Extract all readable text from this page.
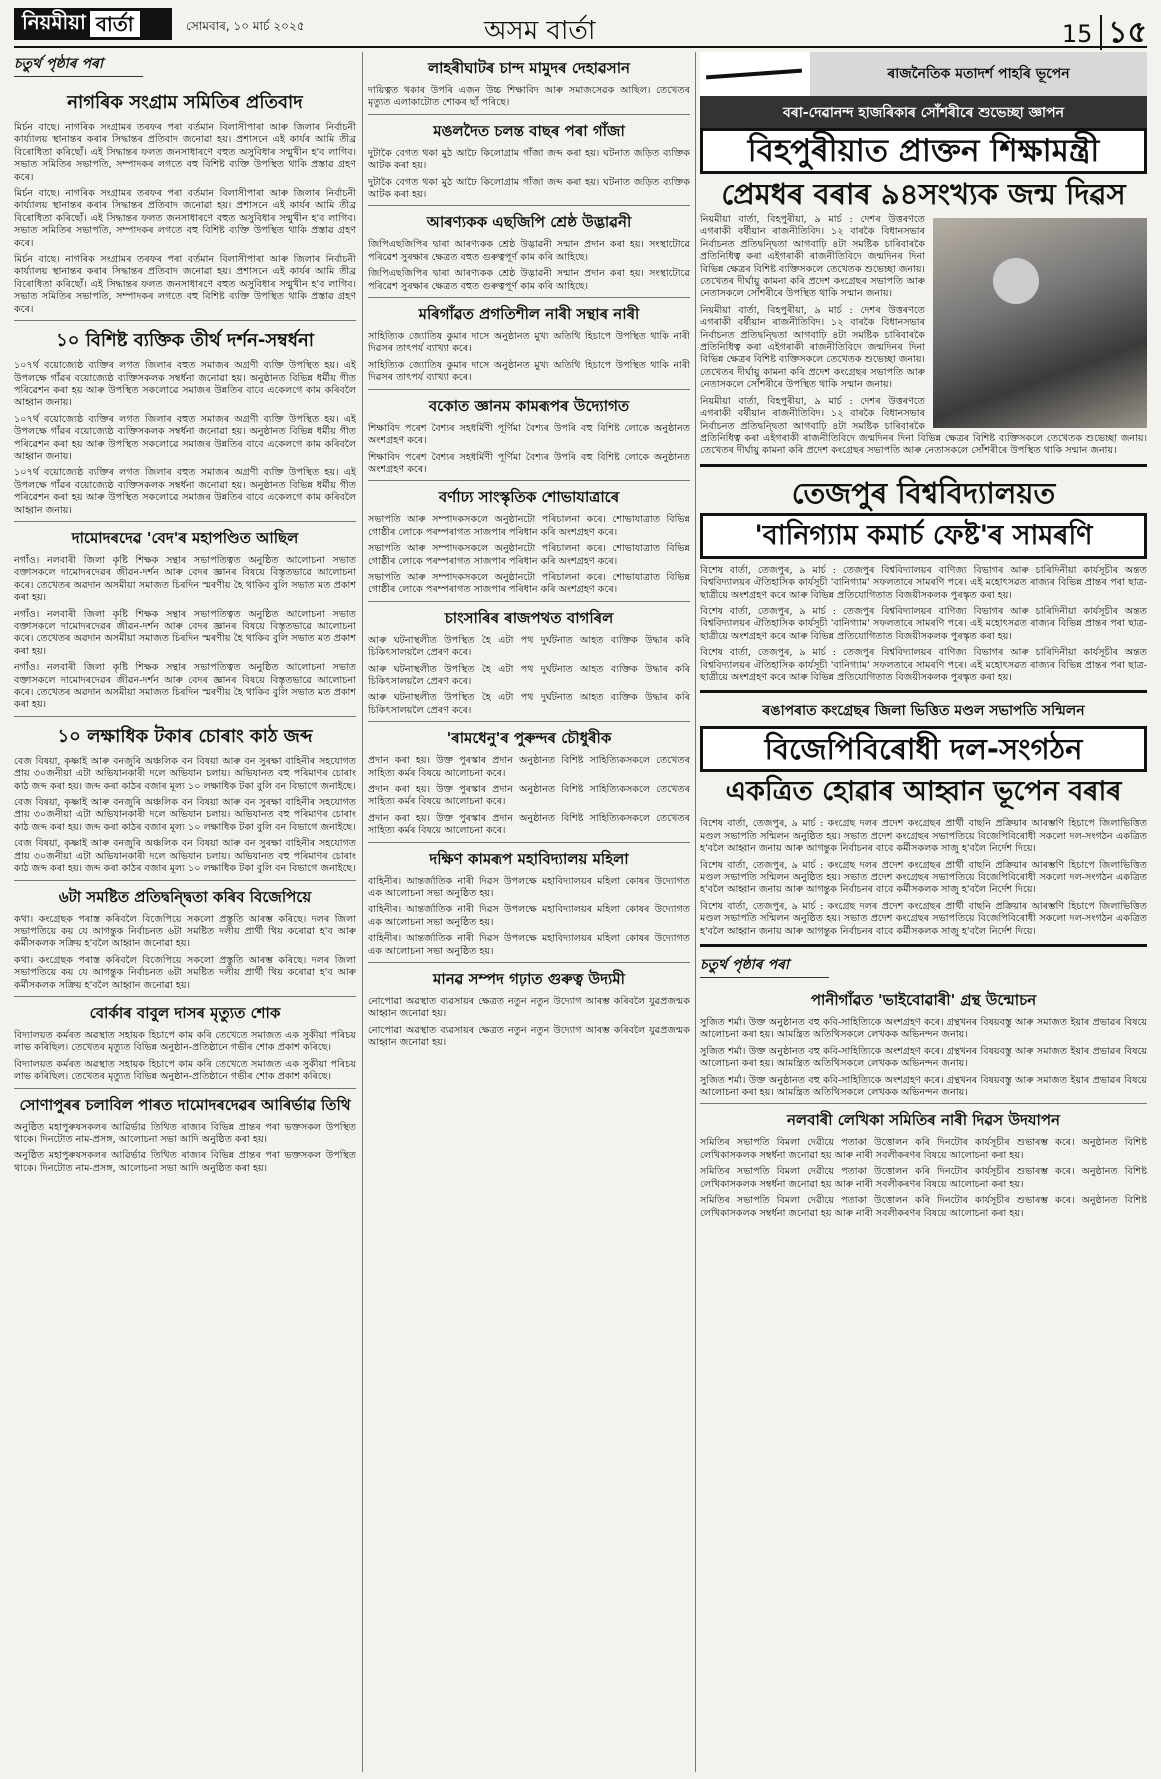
নিয়মীয়া বাৰ্তা	সোমবাৰ, ১০ মাৰ্চ ২০২৫	অসম বাৰ্তা	15 ১৫
চতুৰ্থ পৃষ্ঠাৰ পৰা
নাগৰিক সংগ্ৰাম সমিতিৰ প্ৰতিবাদ

মিৰ্চন বাছে। নাগৰিক সংগ্ৰামৰ তৰফৰ পৰা বৰ্তমান বিলাসীপাৰা আৰু জিলাৰ নিৰ্বাচনী কাৰ্য্যালয় স্থানান্তৰ কৰাৰ সিদ্ধান্তৰ প্ৰতিবাদ জনোৱা হয়। প্ৰশাসনে এই কাৰ্যৰ আমি তীব্ৰ বিৰোধিতা কৰিছোঁ। এই সিদ্ধান্তৰ ফলত জনসাধাৰণে বহুত অসুবিধাৰ সন্মুখীন হ'ব লাগিব। সভাত সমিতিৰ সভাপতি, সম্পাদকৰ লগতে বহু বিশিষ্ট ব্যক্তি উপস্থিত থাকি প্ৰস্তাৱ গ্ৰহণ কৰে।

মিৰ্চন বাছে। নাগৰিক সংগ্ৰামৰ তৰফৰ পৰা বৰ্তমান বিলাসীপাৰা আৰু জিলাৰ নিৰ্বাচনী কাৰ্য্যালয় স্থানান্তৰ কৰাৰ সিদ্ধান্তৰ প্ৰতিবাদ জনোৱা হয়। প্ৰশাসনে এই কাৰ্যৰ আমি তীব্ৰ বিৰোধিতা কৰিছোঁ। এই সিদ্ধান্তৰ ফলত জনসাধাৰণে বহুত অসুবিধাৰ সন্মুখীন হ'ব লাগিব। সভাত সমিতিৰ সভাপতি, সম্পাদকৰ লগতে বহু বিশিষ্ট ব্যক্তি উপস্থিত থাকি প্ৰস্তাৱ গ্ৰহণ কৰে।

মিৰ্চন বাছে। নাগৰিক সংগ্ৰামৰ তৰফৰ পৰা বৰ্তমান বিলাসীপাৰা আৰু জিলাৰ নিৰ্বাচনী কাৰ্য্যালয় স্থানান্তৰ কৰাৰ সিদ্ধান্তৰ প্ৰতিবাদ জনোৱা হয়। প্ৰশাসনে এই কাৰ্যৰ আমি তীব্ৰ বিৰোধিতা কৰিছোঁ। এই সিদ্ধান্তৰ ফলত জনসাধাৰণে বহুত অসুবিধাৰ সন্মুখীন হ'ব লাগিব। সভাত সমিতিৰ সভাপতি, সম্পাদকৰ লগতে বহু বিশিষ্ট ব্যক্তি উপস্থিত থাকি প্ৰস্তাৱ গ্ৰহণ কৰে।

১০ বিশিষ্ট ব্যক্তিক তীৰ্থ দৰ্শন-সম্বৰ্ধনা

১০৭ৰ্থ বয়োজ্যেষ্ঠ ব্যক্তিৰ লগত জিলাৰ বহুত সমাজৰ অগ্ৰণী ব্যক্তি উপস্থিত হয়। এই উপলক্ষে গাঁৱৰ বয়োজ্যেষ্ঠ ব্যক্তিসকলক সম্বৰ্ধনা জনোৱা হয়। অনুষ্ঠানত বিভিন্ন ধৰ্মীয় গীত পৰিৱেশন কৰা হয় আৰু উপস্থিত সকলোৱে সমাজৰ উন্নতিৰ বাবে একেলগে কাম কৰিবলৈ আহ্বান জনায়।

১০৭ৰ্থ বয়োজ্যেষ্ঠ ব্যক্তিৰ লগত জিলাৰ বহুত সমাজৰ অগ্ৰণী ব্যক্তি উপস্থিত হয়। এই উপলক্ষে গাঁৱৰ বয়োজ্যেষ্ঠ ব্যক্তিসকলক সম্বৰ্ধনা জনোৱা হয়। অনুষ্ঠানত বিভিন্ন ধৰ্মীয় গীত পৰিৱেশন কৰা হয় আৰু উপস্থিত সকলোৱে সমাজৰ উন্নতিৰ বাবে একেলগে কাম কৰিবলৈ আহ্বান জনায়।

১০৭ৰ্থ বয়োজ্যেষ্ঠ ব্যক্তিৰ লগত জিলাৰ বহুত সমাজৰ অগ্ৰণী ব্যক্তি উপস্থিত হয়। এই উপলক্ষে গাঁৱৰ বয়োজ্যেষ্ঠ ব্যক্তিসকলক সম্বৰ্ধনা জনোৱা হয়। অনুষ্ঠানত বিভিন্ন ধৰ্মীয় গীত পৰিৱেশন কৰা হয় আৰু উপস্থিত সকলোৱে সমাজৰ উন্নতিৰ বাবে একেলগে কাম কৰিবলৈ আহ্বান জনায়।

দামোদৰদেৱ 'বেদ'ৰ মহাপণ্ডিত আছিল

নগাঁও। নলবাৰী জিলা কৃষ্টি শিক্ষক সন্থাৰ সভাপতিত্বত অনুষ্ঠিত আলোচনা সভাত বক্তাসকলে দামোদৰদেৱৰ জীৱন-দৰ্শন আৰু বেদৰ জ্ঞানৰ বিষয়ে বিস্তৃতভাৱে আলোচনা কৰে। তেখেতৰ অৱদান অসমীয়া সমাজত চিৰদিন স্মৰণীয় হৈ থাকিব বুলি সভাত মত প্ৰকাশ কৰা হয়।

নগাঁও। নলবাৰী জিলা কৃষ্টি শিক্ষক সন্থাৰ সভাপতিত্বত অনুষ্ঠিত আলোচনা সভাত বক্তাসকলে দামোদৰদেৱৰ জীৱন-দৰ্শন আৰু বেদৰ জ্ঞানৰ বিষয়ে বিস্তৃতভাৱে আলোচনা কৰে। তেখেতৰ অৱদান অসমীয়া সমাজত চিৰদিন স্মৰণীয় হৈ থাকিব বুলি সভাত মত প্ৰকাশ কৰা হয়।

নগাঁও। নলবাৰী জিলা কৃষ্টি শিক্ষক সন্থাৰ সভাপতিত্বত অনুষ্ঠিত আলোচনা সভাত বক্তাসকলে দামোদৰদেৱৰ জীৱন-দৰ্শন আৰু বেদৰ জ্ঞানৰ বিষয়ে বিস্তৃতভাৱে আলোচনা কৰে। তেখেতৰ অৱদান অসমীয়া সমাজত চিৰদিন স্মৰণীয় হৈ থাকিব বুলি সভাত মত প্ৰকাশ কৰা হয়।

১০ লক্ষাধিক টকাৰ চোৰাং কাঠ জব্দ

বেজ বিষয়া, কৃষ্ণাই আৰু বনজুৰি অঞ্চলিক বন বিষয়া আৰু বন সুৰক্ষা বাহিনীৰ সহযোগত প্ৰায় ৩০জনীয়া এটা অভিযানকাৰী দলে অভিযান চলায়। অভিযানত বহু পৰিমাণৰ চোৰাং কাঠ জব্দ কৰা হয়। জব্দ কৰা কাঠৰ বজাৰ মূল্য ১০ লক্ষাধিক টকা বুলি বন বিভাগে জনাইছে।

বেজ বিষয়া, কৃষ্ণাই আৰু বনজুৰি অঞ্চলিক বন বিষয়া আৰু বন সুৰক্ষা বাহিনীৰ সহযোগত প্ৰায় ৩০জনীয়া এটা অভিযানকাৰী দলে অভিযান চলায়। অভিযানত বহু পৰিমাণৰ চোৰাং কাঠ জব্দ কৰা হয়। জব্দ কৰা কাঠৰ বজাৰ মূল্য ১০ লক্ষাধিক টকা বুলি বন বিভাগে জনাইছে।

বেজ বিষয়া, কৃষ্ণাই আৰু বনজুৰি অঞ্চলিক বন বিষয়া আৰু বন সুৰক্ষা বাহিনীৰ সহযোগত প্ৰায় ৩০জনীয়া এটা অভিযানকাৰী দলে অভিযান চলায়। অভিযানত বহু পৰিমাণৰ চোৰাং কাঠ জব্দ কৰা হয়। জব্দ কৰা কাঠৰ বজাৰ মূল্য ১০ লক্ষাধিক টকা বুলি বন বিভাগে জনাইছে।

৬টা সমষ্টিত প্ৰতিদ্বন্দ্বিতা কৰিব বিজেপিয়ে

কথা। কংগ্ৰেছক পৰাস্ত কৰিবলৈ বিজেপিয়ে সকলো প্ৰস্তুতি আৰম্ভ কৰিছে। দলৰ জিলা সভাপতিয়ে কয় যে আগন্তুক নিৰ্বাচনত ৬টা সমষ্টিত দলীয় প্ৰাৰ্থী থিয় কৰোৱা হ'ব আৰু কৰ্মীসকলক সক্ৰিয় হ'বলৈ আহ্বান জনোৱা হয়।

কথা। কংগ্ৰেছক পৰাস্ত কৰিবলৈ বিজেপিয়ে সকলো প্ৰস্তুতি আৰম্ভ কৰিছে। দলৰ জিলা সভাপতিয়ে কয় যে আগন্তুক নিৰ্বাচনত ৬টা সমষ্টিত দলীয় প্ৰাৰ্থী থিয় কৰোৱা হ'ব আৰু কৰ্মীসকলক সক্ৰিয় হ'বলৈ আহ্বান জনোৱা হয়।

বোৰ্কাৰ বাবুল দাসৰ মৃত্যুত শোক

বিদ্যালয়ত কৰ্মৰত অৱস্থাত সহায়ক হিচাপে কাম কৰি তেখেতে সমাজত এক সুকীয়া পৰিচয় লাভ কৰিছিল। তেখেতৰ মৃত্যুত বিভিন্ন অনুষ্ঠান-প্ৰতিষ্ঠানে গভীৰ শোক প্ৰকাশ কৰিছে।

বিদ্যালয়ত কৰ্মৰত অৱস্থাত সহায়ক হিচাপে কাম কৰি তেখেতে সমাজত এক সুকীয়া পৰিচয় লাভ কৰিছিল। তেখেতৰ মৃত্যুত বিভিন্ন অনুষ্ঠান-প্ৰতিষ্ঠানে গভীৰ শোক প্ৰকাশ কৰিছে।

সোণাপুৰৰ চলাবিল পাৰত দামোদৰদেৱৰ আৰিৰ্ভাৱ তিথি

অনুষ্ঠিত মহাপুৰুষসকলৰ আৱিৰ্ভাৱ তিথিত ৰাজ্যৰ বিভিন্ন প্ৰান্তৰ পৰা ভক্তসকল উপস্থিত থাকে। দিনটোত নাম-প্ৰসঙ্গ, আলোচনা সভা আদি অনুষ্ঠিত কৰা হয়।

অনুষ্ঠিত মহাপুৰুষসকলৰ আৱিৰ্ভাৱ তিথিত ৰাজ্যৰ বিভিন্ন প্ৰান্তৰ পৰা ভক্তসকল উপস্থিত থাকে। দিনটোত নাম-প্ৰসঙ্গ, আলোচনা সভা আদি অনুষ্ঠিত কৰা হয়।

লাহৰীঘাটৰ চান্দ মামুদৰ দেহাৱসান

দায়িত্বত থকাৰ উপৰি এজন উচ্চ শিক্ষাবিদ আৰু সমাজসেৱক আছিল। তেখেতৰ মৃত্যুত এলাকাটোত শোকৰ ছাঁ পৰিছে।

মঙলদৈত চলন্ত বাছৰ পৰা গাঁজা

দুটাকৈ বেগত থকা মুঠ আঢৈ কিলোগ্ৰাম গাঁজা জব্দ কৰা হয়। ঘটনাত জড়িত ব্যক্তিক আটক কৰা হয়।

দুটাকৈ বেগত থকা মুঠ আঢৈ কিলোগ্ৰাম গাঁজা জব্দ কৰা হয়। ঘটনাত জড়িত ব্যক্তিক আটক কৰা হয়।

আৰণ্যকক এছজিপি শ্ৰেষ্ঠ উদ্ভাৱনী

জিপিএছজিপিৰ দ্বাৰা আৰণ্যকক শ্ৰেষ্ঠ উদ্ভাৱনী সন্মান প্ৰদান কৰা হয়। সংস্থাটোৱে পৰিৱেশ সুৰক্ষাৰ ক্ষেত্ৰত বহুত গুৰুত্বপূৰ্ণ কাম কৰি আহিছে।

জিপিএছজিপিৰ দ্বাৰা আৰণ্যকক শ্ৰেষ্ঠ উদ্ভাৱনী সন্মান প্ৰদান কৰা হয়। সংস্থাটোৱে পৰিৱেশ সুৰক্ষাৰ ক্ষেত্ৰত বহুত গুৰুত্বপূৰ্ণ কাম কৰি আহিছে।

মৰিগাঁৱত প্ৰগতিশীল নাৰী সন্থাৰ নাৰী

সাহিত্যিক জ্যোতিষ কুমাৰ দাসে অনুষ্ঠানত মুখ্য অতিথি হিচাপে উপস্থিত থাকি নাৰী দিৱসৰ তাৎপৰ্য ব্যাখ্যা কৰে।

সাহিত্যিক জ্যোতিষ কুমাৰ দাসে অনুষ্ঠানত মুখ্য অতিথি হিচাপে উপস্থিত থাকি নাৰী দিৱসৰ তাৎপৰ্য ব্যাখ্যা কৰে।

বকোত জ্ঞানম কামৰূপৰ উদ্যোগত

শিক্ষাবিদ পৰেশ বৈশ্যৰ সহধৰ্মিণী পূৰ্ণিমা বৈশ্যৰ উপৰি বহু বিশিষ্ট লোকে অনুষ্ঠানত অংশগ্ৰহণ কৰে।

শিক্ষাবিদ পৰেশ বৈশ্যৰ সহধৰ্মিণী পূৰ্ণিমা বৈশ্যৰ উপৰি বহু বিশিষ্ট লোকে অনুষ্ঠানত অংশগ্ৰহণ কৰে।

বৰ্ণাঢ্য সাংস্কৃতিক শোভাযাত্ৰাৰে

সভাপতি আৰু সম্পাদকসকলে অনুষ্ঠানটো পৰিচালনা কৰে। শোভাযাত্ৰাত বিভিন্ন গোষ্ঠীৰ লোকে পৰম্পৰাগত সাজপাৰ পৰিধান কৰি অংশগ্ৰহণ কৰে।

সভাপতি আৰু সম্পাদকসকলে অনুষ্ঠানটো পৰিচালনা কৰে। শোভাযাত্ৰাত বিভিন্ন গোষ্ঠীৰ লোকে পৰম্পৰাগত সাজপাৰ পৰিধান কৰি অংশগ্ৰহণ কৰে।

সভাপতি আৰু সম্পাদকসকলে অনুষ্ঠানটো পৰিচালনা কৰে। শোভাযাত্ৰাত বিভিন্ন গোষ্ঠীৰ লোকে পৰম্পৰাগত সাজপাৰ পৰিধান কৰি অংশগ্ৰহণ কৰে।

চাংসাৰিৰ ৰাজপথত বাগৰিল

আৰু ঘটনাস্থলীত উপস্থিত হৈ এটা পথ দুৰ্ঘটনাত আহত ব্যক্তিক উদ্ধাৰ কৰি চিকিৎসালয়লৈ প্ৰেৰণ কৰে।

আৰু ঘটনাস্থলীত উপস্থিত হৈ এটা পথ দুৰ্ঘটনাত আহত ব্যক্তিক উদ্ধাৰ কৰি চিকিৎসালয়লৈ প্ৰেৰণ কৰে।

আৰু ঘটনাস্থলীত উপস্থিত হৈ এটা পথ দুৰ্ঘটনাত আহত ব্যক্তিক উদ্ধাৰ কৰি চিকিৎসালয়লৈ প্ৰেৰণ কৰে।

'ৰামধেনু'ৰ পুৰুন্দৰ চৌধুৰীক

প্ৰদান কৰা হয়। উক্ত পুৰস্কাৰ প্ৰদান অনুষ্ঠানত বিশিষ্ট সাহিত্যিকসকলে তেখেতৰ সাহিত্য কৰ্মৰ বিষয়ে আলোচনা কৰে।

প্ৰদান কৰা হয়। উক্ত পুৰস্কাৰ প্ৰদান অনুষ্ঠানত বিশিষ্ট সাহিত্যিকসকলে তেখেতৰ সাহিত্য কৰ্মৰ বিষয়ে আলোচনা কৰে।

প্ৰদান কৰা হয়। উক্ত পুৰস্কাৰ প্ৰদান অনুষ্ঠানত বিশিষ্ট সাহিত্যিকসকলে তেখেতৰ সাহিত্য কৰ্মৰ বিষয়ে আলোচনা কৰে।

দক্ষিণ কামৰূপ মহাবিদ্যালয় মহিলা

বাহিনীৰ। আন্তৰ্জাতিক নাৰী দিৱস উপলক্ষে মহাবিদ্যালয়ৰ মহিলা কোষৰ উদ্যোগত এক আলোচনা সভা অনুষ্ঠিত হয়।

বাহিনীৰ। আন্তৰ্জাতিক নাৰী দিৱস উপলক্ষে মহাবিদ্যালয়ৰ মহিলা কোষৰ উদ্যোগত এক আলোচনা সভা অনুষ্ঠিত হয়।

বাহিনীৰ। আন্তৰ্জাতিক নাৰী দিৱস উপলক্ষে মহাবিদ্যালয়ৰ মহিলা কোষৰ উদ্যোগত এক আলোচনা সভা অনুষ্ঠিত হয়।

মানৱ সম্পদ গঢ়াত গুৰুত্ব উদ্যমী

নোপোৱা অৱস্থাত ব্যৱসায়ৰ ক্ষেত্ৰত নতুন নতুন উদ্যোগ আৰম্ভ কৰিবলৈ যুৱপ্ৰজন্মক আহ্বান জনোৱা হয়।

নোপোৱা অৱস্থাত ব্যৱসায়ৰ ক্ষেত্ৰত নতুন নতুন উদ্যোগ আৰম্ভ কৰিবলৈ যুৱপ্ৰজন্মক আহ্বান জনোৱা হয়।

ৰাজনৈতিক মতাদৰ্শ পাহৰি ভূপেন
বৰা-দেৱানন্দ হাজৰিকাৰ সোঁশৰীৰে শুভেচ্ছা জ্ঞাপন
বিহপুৰীয়াত প্ৰাক্তন শিক্ষামন্ত্ৰী
প্ৰেমধৰ বৰাৰ ৯৪সংখ্যক জন্ম দিৱস

নিয়মীয়া বাৰ্তা, বিহপুৰীয়া, ৯ মাৰ্চ : দেশৰ উত্তৰণতে এগৰাকী বৰ্ষীয়ান ৰাজনীতিবিদ। ১২ বাৰকৈ বিধানসভাৰ নিৰ্বাচনত প্ৰতিদ্বন্দ্বিতা আগবাঢ়ি ৪টা সমষ্টিক চাৰিবাৰকৈ প্ৰতিনিধিত্ব কৰা এইগৰাকী ৰাজনীতিবিদে জন্মদিনৰ দিনা বিভিন্ন ক্ষেত্ৰৰ বিশিষ্ট ব্যক্তিসকলে তেখেতক শুভেচ্ছা জনায়। তেখেতৰ দীৰ্ঘায়ু কামনা কৰি প্ৰদেশ কংগ্ৰেছৰ সভাপতি আৰু নেতাসকলে সোঁশৰীৰে উপস্থিত থাকি সন্মান জনায়।

নিয়মীয়া বাৰ্তা, বিহপুৰীয়া, ৯ মাৰ্চ : দেশৰ উত্তৰণতে এগৰাকী বৰ্ষীয়ান ৰাজনীতিবিদ। ১২ বাৰকৈ বিধানসভাৰ নিৰ্বাচনত প্ৰতিদ্বন্দ্বিতা আগবাঢ়ি ৪টা সমষ্টিক চাৰিবাৰকৈ প্ৰতিনিধিত্ব কৰা এইগৰাকী ৰাজনীতিবিদে জন্মদিনৰ দিনা বিভিন্ন ক্ষেত্ৰৰ বিশিষ্ট ব্যক্তিসকলে তেখেতক শুভেচ্ছা জনায়। তেখেতৰ দীৰ্ঘায়ু কামনা কৰি প্ৰদেশ কংগ্ৰেছৰ সভাপতি আৰু নেতাসকলে সোঁশৰীৰে উপস্থিত থাকি সন্মান জনায়।

নিয়মীয়া বাৰ্তা, বিহপুৰীয়া, ৯ মাৰ্চ : দেশৰ উত্তৰণতে এগৰাকী বৰ্ষীয়ান ৰাজনীতিবিদ। ১২ বাৰকৈ বিধানসভাৰ নিৰ্বাচনত প্ৰতিদ্বন্দ্বিতা আগবাঢ়ি ৪টা সমষ্টিক চাৰিবাৰকৈ প্ৰতিনিধিত্ব কৰা এইগৰাকী ৰাজনীতিবিদে জন্মদিনৰ দিনা বিভিন্ন ক্ষেত্ৰৰ বিশিষ্ট ব্যক্তিসকলে তেখেতক শুভেচ্ছা জনায়। তেখেতৰ দীৰ্ঘায়ু কামনা কৰি প্ৰদেশ কংগ্ৰেছৰ সভাপতি আৰু নেতাসকলে সোঁশৰীৰে উপস্থিত থাকি সন্মান জনায়।

তেজপুৰ বিশ্ববিদ্যালয়ত
'বানিগ্যাম কমাৰ্চ ফেষ্ট'ৰ সামৰণি

বিশেষ বাৰ্তা, তেজপুৰ, ৯ মাৰ্চ : তেজপুৰ বিশ্ববিদ্যালয়ৰ বাণিজ্য বিভাগৰ আৰু চাৰিদিনীয়া কাৰ্যসূচীৰ অন্তত বিশ্ববিদ্যালয়ৰ ঐতিহাসিক কাৰ্যসূচী 'বানিগ্যাম' সফলতাৰে সামৰণি পৰে। এই মহোৎসৱত ৰাজ্যৰ বিভিন্ন প্ৰান্তৰ পৰা ছাত্ৰ-ছাত্ৰীয়ে অংশগ্ৰহণ কৰে আৰু বিভিন্ন প্ৰতিযোগিতাত বিজয়ীসকলক পুৰস্কৃত কৰা হয়।

বিশেষ বাৰ্তা, তেজপুৰ, ৯ মাৰ্চ : তেজপুৰ বিশ্ববিদ্যালয়ৰ বাণিজ্য বিভাগৰ আৰু চাৰিদিনীয়া কাৰ্যসূচীৰ অন্তত বিশ্ববিদ্যালয়ৰ ঐতিহাসিক কাৰ্যসূচী 'বানিগ্যাম' সফলতাৰে সামৰণি পৰে। এই মহোৎসৱত ৰাজ্যৰ বিভিন্ন প্ৰান্তৰ পৰা ছাত্ৰ-ছাত্ৰীয়ে অংশগ্ৰহণ কৰে আৰু বিভিন্ন প্ৰতিযোগিতাত বিজয়ীসকলক পুৰস্কৃত কৰা হয়।

বিশেষ বাৰ্তা, তেজপুৰ, ৯ মাৰ্চ : তেজপুৰ বিশ্ববিদ্যালয়ৰ বাণিজ্য বিভাগৰ আৰু চাৰিদিনীয়া কাৰ্যসূচীৰ অন্তত বিশ্ববিদ্যালয়ৰ ঐতিহাসিক কাৰ্যসূচী 'বানিগ্যাম' সফলতাৰে সামৰণি পৰে। এই মহোৎসৱত ৰাজ্যৰ বিভিন্ন প্ৰান্তৰ পৰা ছাত্ৰ-ছাত্ৰীয়ে অংশগ্ৰহণ কৰে আৰু বিভিন্ন প্ৰতিযোগিতাত বিজয়ীসকলক পুৰস্কৃত কৰা হয়।

ৰঙাপৰাত কংগ্ৰেছৰ জিলা ভিত্তিত মণ্ডল সভাপতি সন্মিলন
বিজেপিবিৰোধী দল-সংগঠন
একত্ৰিত হোৱাৰ আহ্বান ভূপেন বৰাৰ

বিশেষ বাৰ্তা, তেজপুৰ, ৯ মাৰ্চ : কংগ্ৰেছ দলৰ প্ৰদেশ কংগ্ৰেছৰ প্ৰাৰ্থী বাছনি প্ৰক্ৰিয়াৰ আৰম্ভণি হিচাপে জিলাভিত্তিত মণ্ডল সভাপতি সন্মিলন অনুষ্ঠিত হয়। সভাত প্ৰদেশ কংগ্ৰেছৰ সভাপতিয়ে বিজেপিবিৰোধী সকলো দল-সংগঠন একত্ৰিত হ'বলৈ আহ্বান জনায় আৰু আগন্তুক নিৰ্বাচনৰ বাবে কৰ্মীসকলক সাজু হ'বলৈ নিৰ্দেশ দিয়ে।

বিশেষ বাৰ্তা, তেজপুৰ, ৯ মাৰ্চ : কংগ্ৰেছ দলৰ প্ৰদেশ কংগ্ৰেছৰ প্ৰাৰ্থী বাছনি প্ৰক্ৰিয়াৰ আৰম্ভণি হিচাপে জিলাভিত্তিত মণ্ডল সভাপতি সন্মিলন অনুষ্ঠিত হয়। সভাত প্ৰদেশ কংগ্ৰেছৰ সভাপতিয়ে বিজেপিবিৰোধী সকলো দল-সংগঠন একত্ৰিত হ'বলৈ আহ্বান জনায় আৰু আগন্তুক নিৰ্বাচনৰ বাবে কৰ্মীসকলক সাজু হ'বলৈ নিৰ্দেশ দিয়ে।

বিশেষ বাৰ্তা, তেজপুৰ, ৯ মাৰ্চ : কংগ্ৰেছ দলৰ প্ৰদেশ কংগ্ৰেছৰ প্ৰাৰ্থী বাছনি প্ৰক্ৰিয়াৰ আৰম্ভণি হিচাপে জিলাভিত্তিত মণ্ডল সভাপতি সন্মিলন অনুষ্ঠিত হয়। সভাত প্ৰদেশ কংগ্ৰেছৰ সভাপতিয়ে বিজেপিবিৰোধী সকলো দল-সংগঠন একত্ৰিত হ'বলৈ আহ্বান জনায় আৰু আগন্তুক নিৰ্বাচনৰ বাবে কৰ্মীসকলক সাজু হ'বলৈ নিৰ্দেশ দিয়ে।

চতুৰ্থ পৃষ্ঠাৰ পৰা
পানীগাঁৱত 'ভাইবোৱাৰী' গ্ৰন্থ উন্মোচন

সুজিত শৰ্মা। উক্ত অনুষ্ঠানত বহু কবি-সাহিত্যিকে অংশগ্ৰহণ কৰে। গ্ৰন্থখনৰ বিষয়বস্তু আৰু সমাজত ইয়াৰ প্ৰভাৱৰ বিষয়ে আলোচনা কৰা হয়। আমন্ত্ৰিত অতিথিসকলে লেখকক অভিনন্দন জনায়।

সুজিত শৰ্মা। উক্ত অনুষ্ঠানত বহু কবি-সাহিত্যিকে অংশগ্ৰহণ কৰে। গ্ৰন্থখনৰ বিষয়বস্তু আৰু সমাজত ইয়াৰ প্ৰভাৱৰ বিষয়ে আলোচনা কৰা হয়। আমন্ত্ৰিত অতিথিসকলে লেখকক অভিনন্দন জনায়।

সুজিত শৰ্মা। উক্ত অনুষ্ঠানত বহু কবি-সাহিত্যিকে অংশগ্ৰহণ কৰে। গ্ৰন্থখনৰ বিষয়বস্তু আৰু সমাজত ইয়াৰ প্ৰভাৱৰ বিষয়ে আলোচনা কৰা হয়। আমন্ত্ৰিত অতিথিসকলে লেখকক অভিনন্দন জনায়।

নলবাৰী লেখিকা সমিতিৰ নাৰী দিৱস উদযাপন

সমিতিৰ সভাপতি বিমলা দেৱীয়ে পতাকা উত্তোলন কৰি দিনটোৰ কাৰ্যসূচীৰ শুভাৰম্ভ কৰে। অনুষ্ঠানত বিশিষ্ট লেখিকাসকলক সম্বৰ্ধনা জনোৱা হয় আৰু নাৰী সবলীকৰণৰ বিষয়ে আলোচনা কৰা হয়।

সমিতিৰ সভাপতি বিমলা দেৱীয়ে পতাকা উত্তোলন কৰি দিনটোৰ কাৰ্যসূচীৰ শুভাৰম্ভ কৰে। অনুষ্ঠানত বিশিষ্ট লেখিকাসকলক সম্বৰ্ধনা জনোৱা হয় আৰু নাৰী সবলীকৰণৰ বিষয়ে আলোচনা কৰা হয়।

সমিতিৰ সভাপতি বিমলা দেৱীয়ে পতাকা উত্তোলন কৰি দিনটোৰ কাৰ্যসূচীৰ শুভাৰম্ভ কৰে। অনুষ্ঠানত বিশিষ্ট লেখিকাসকলক সম্বৰ্ধনা জনোৱা হয় আৰু নাৰী সবলীকৰণৰ বিষয়ে আলোচনা কৰা হয়।
